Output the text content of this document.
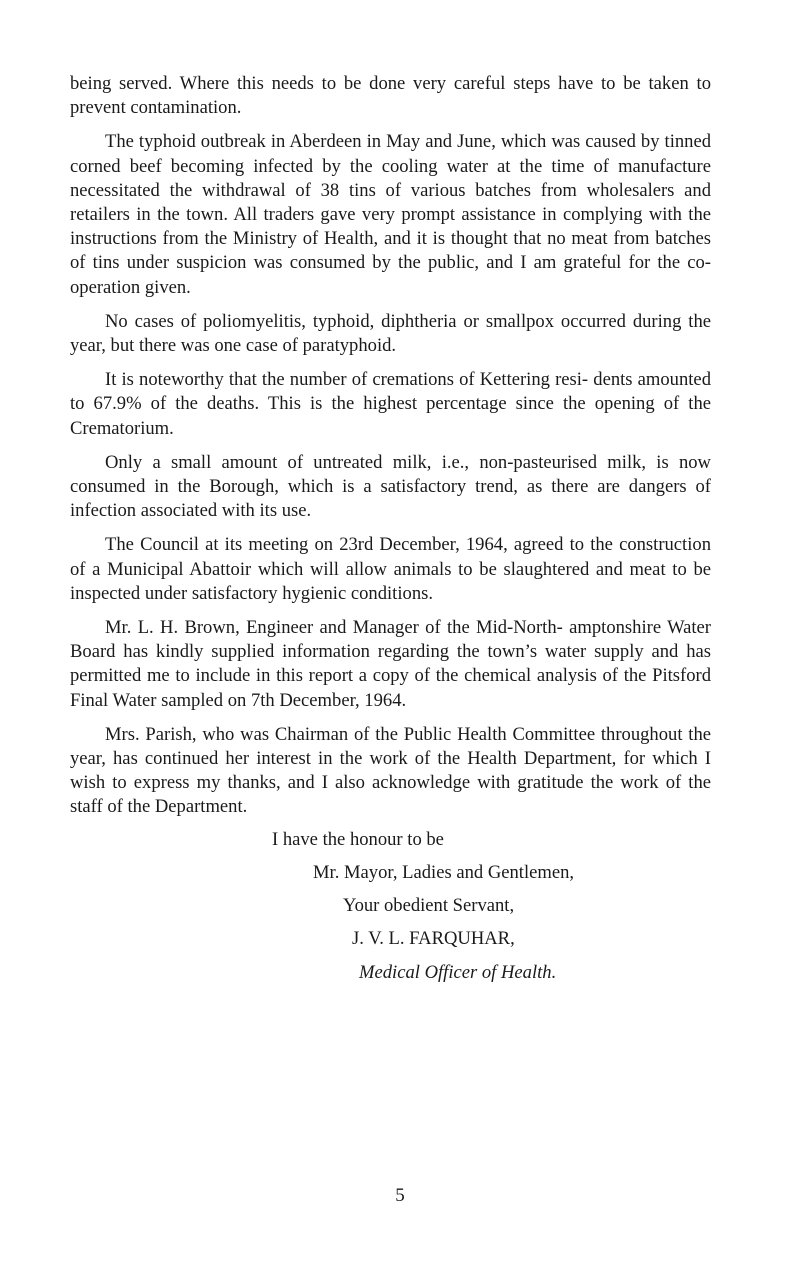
being served. Where this needs to be done very careful steps have to be taken to prevent contamination.

The typhoid outbreak in Aberdeen in May and June, which was caused by tinned corned beef becoming infected by the cooling water at the time of manufacture necessitated the withdrawal of 38 tins of various batches from wholesalers and retailers in the town. All traders gave very prompt assistance in complying with the instructions from the Ministry of Health, and it is thought that no meat from batches of tins under suspicion was consumed by the public, and I am grateful for the co-operation given.

No cases of poliomyelitis, typhoid, diphtheria or smallpox occurred during the year, but there was one case of paratyphoid.

It is noteworthy that the number of cremations of Kettering resi- dents amounted to 67.9% of the deaths. This is the highest percentage since the opening of the Crematorium.

Only a small amount of untreated milk, i.e., non-pasteurised milk, is now consumed in the Borough, which is a satisfactory trend, as there are dangers of infection associated with its use.

The Council at its meeting on 23rd December, 1964, agreed to the construction of a Municipal Abattoir which will allow animals to be slaughtered and meat to be inspected under satisfactory hygienic conditions.

Mr. L. H. Brown, Engineer and Manager of the Mid-North- amptonshire Water Board has kindly supplied information regarding the town’s water supply and has permitted me to include in this report a copy of the chemical analysis of the Pitsford Final Water sampled on 7th December, 1964.

Mrs. Parish, who was Chairman of the Public Health Committee throughout the year, has continued her interest in the work of the Health Department, for which I wish to express my thanks, and I also acknowledge with gratitude the work of the staff of the Department.

I have the honour to be
Mr. Mayor, Ladies and Gentlemen,
Your obedient Servant,
J. V. L. FARQUHAR,
Medical Officer of Health.
5
